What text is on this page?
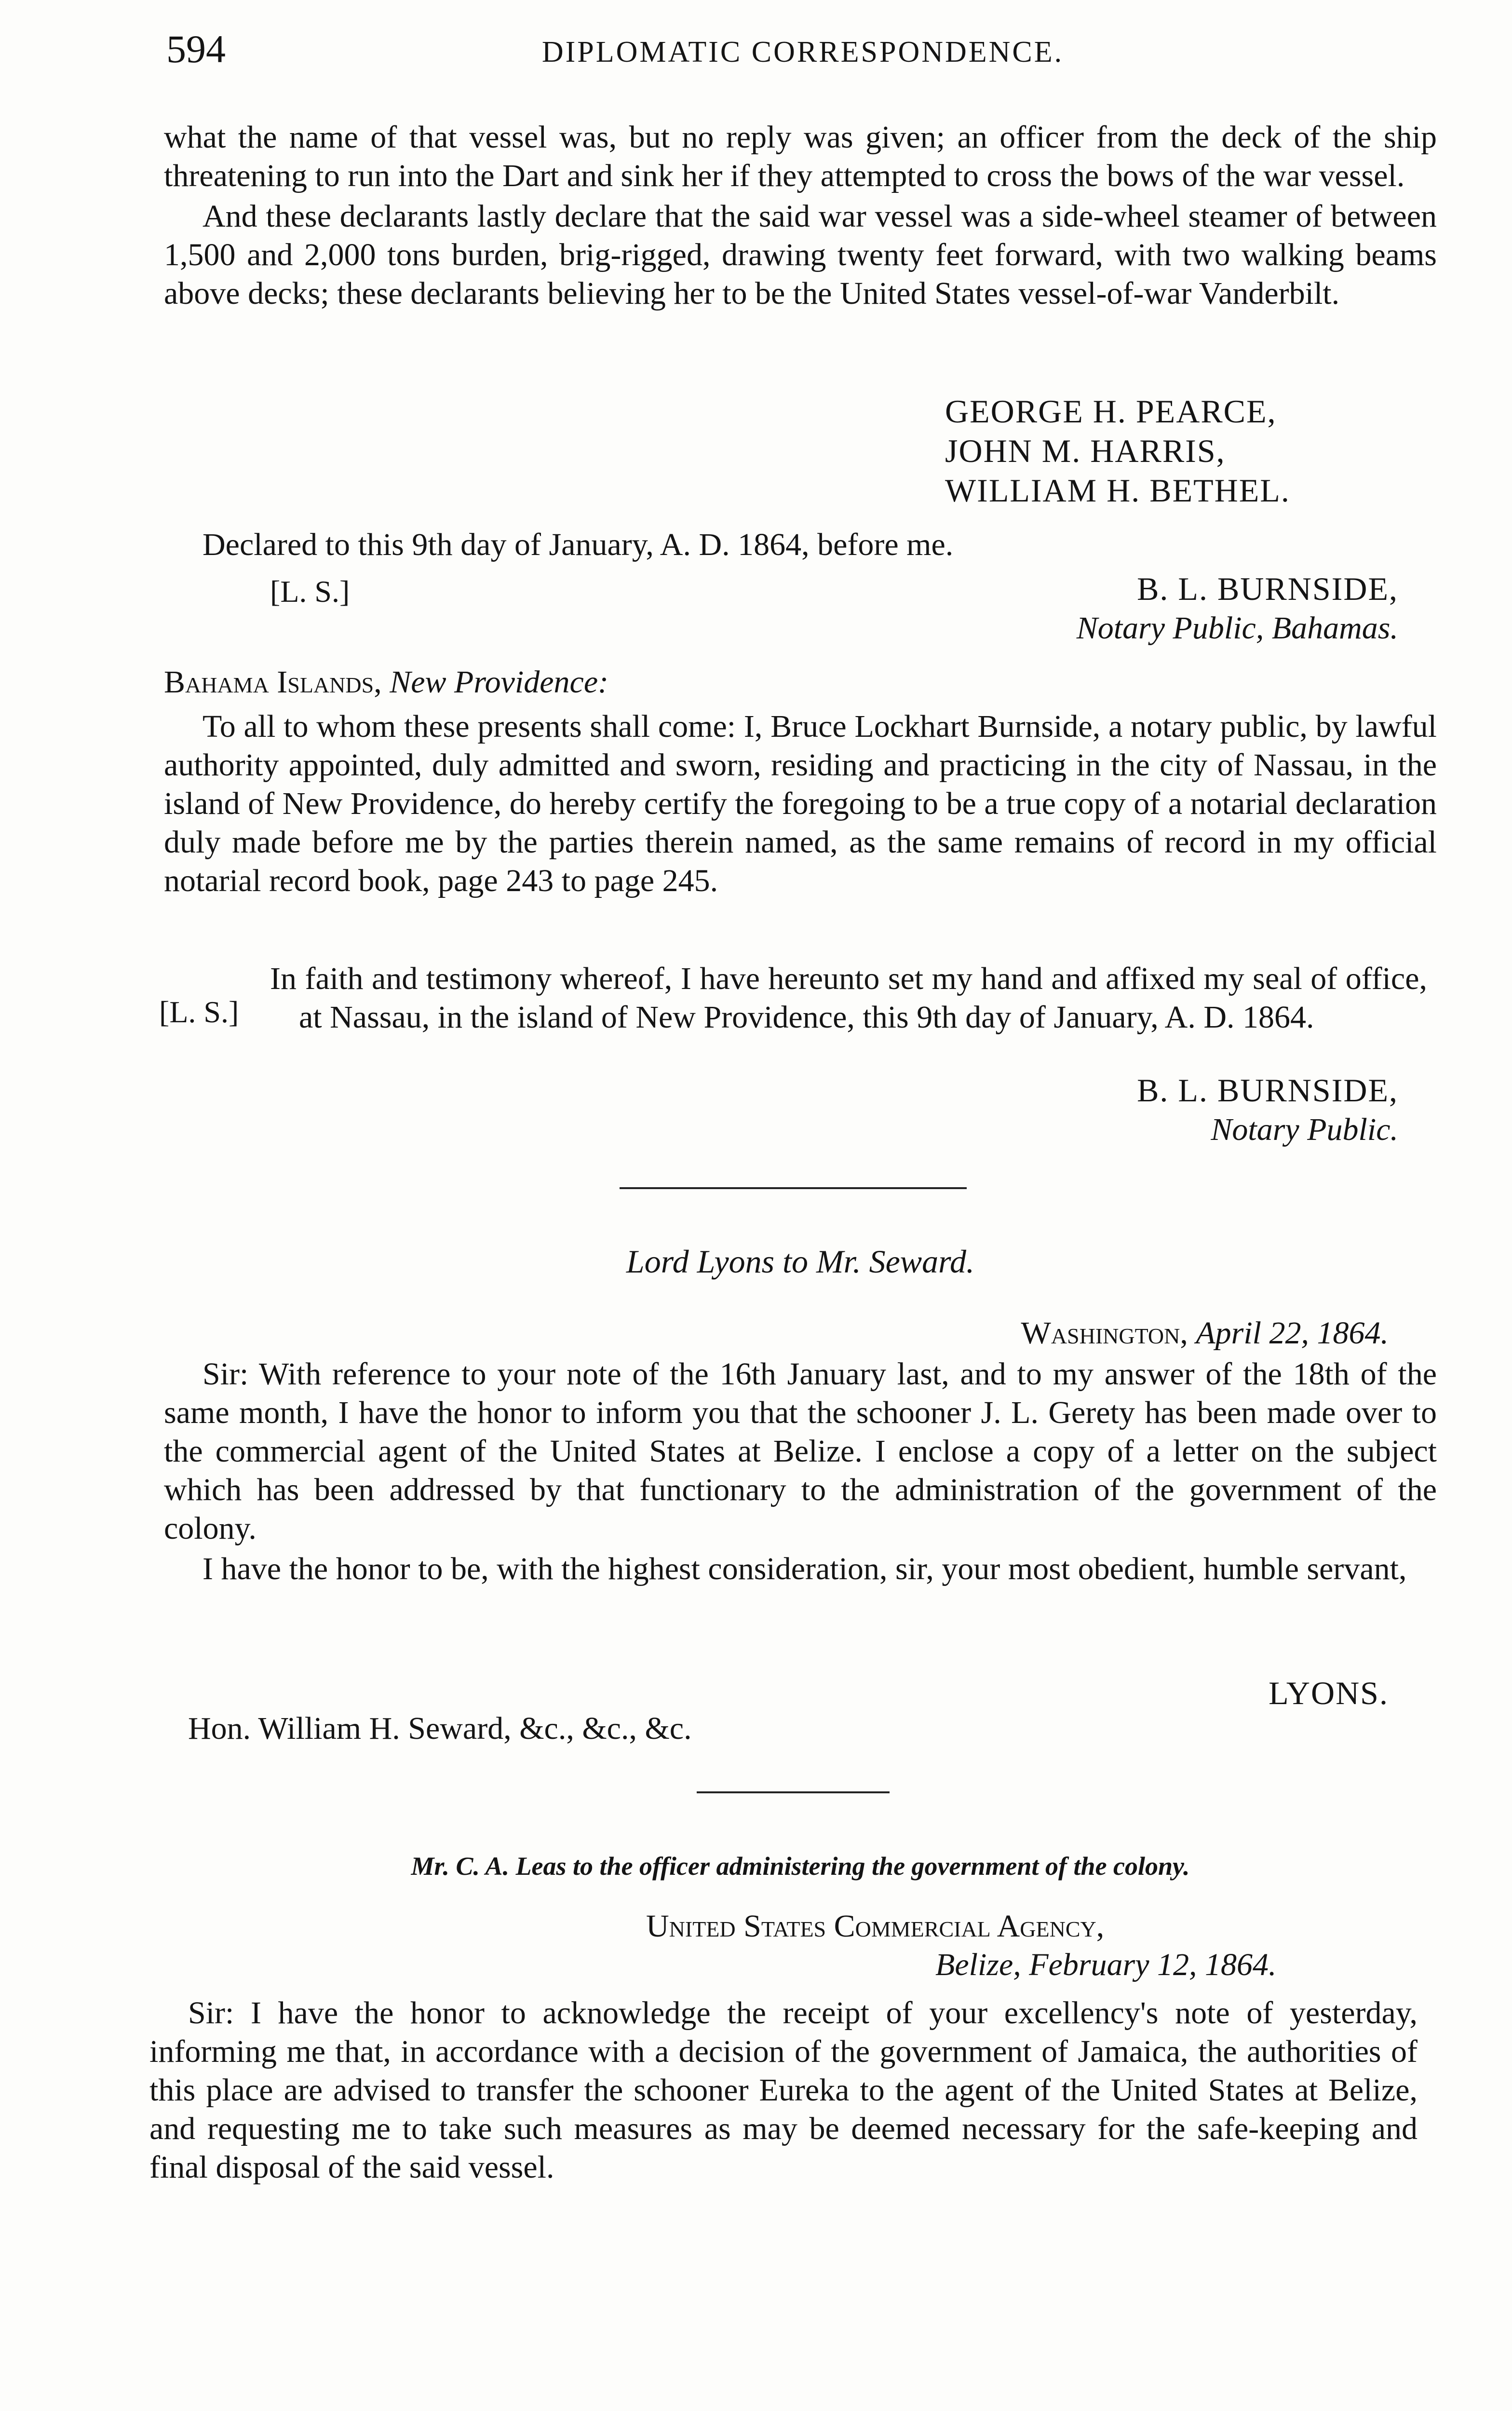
594	DIPLOMATIC CORRESPONDENCE.

what the name of that vessel was, but no reply was given; an officer from the deck of the ship threatening to run into the Dart and sink her if they attempted to cross the bows of the war vessel.

And these declarants lastly declare that the said war vessel was a side-wheel steamer of between 1,500 and 2,000 tons burden, brig-rigged, drawing twenty feet forward, with two walking beams above decks; these declarants believing her to be the United States vessel-of-war Vanderbilt.

GEORGE H. PEARCE,
JOHN M. HARRIS,
WILLIAM H. BETHEL.

Declared to this 9th day of January, A. D. 1864, before me.

[L. S.]	B. L. BURNSIDE,
Notary Public, Bahamas.

Bahama Islands, New Providence:

To all to whom these presents shall come: I, Bruce Lockhart Burnside, a notary public, by lawful authority appointed, duly admitted and sworn, residing and practicing in the city of Nassau, in the island of New Providence, do hereby certify the foregoing to be a true copy of a notarial declaration duly made before me by the parties therein named, as the same remains of record in my official notarial record book, page 243 to page 245.

In faith and testimony whereof, I have hereunto set my hand and affixed my seal of office, at Nassau, in the island of New Providence, this 9th day of January, A. D. 1864.

[L. S.]
B. L. BURNSIDE,
Notary Public.
Lord Lyons to Mr. Seward.
Washington, April 22, 1864.

Sir: With reference to your note of the 16th January last, and to my answer of the 18th of the same month, I have the honor to inform you that the schooner J. L. Gerety has been made over to the commercial agent of the United States at Belize. I enclose a copy of a letter on the subject which has been addressed by that functionary to the administration of the government of the colony.

I have the honor to be, with the highest consideration, sir, your most obedient, humble servant,

LYONS.
Hon. William H. Seward, &c., &c., &c.
Mr. C. A. Leas to the officer administering the government of the colony.
United States Commercial Agency,
Belize, February 12, 1864.

Sir: I have the honor to acknowledge the receipt of your excellency's note of yesterday, informing me that, in accordance with a decision of the government of Jamaica, the authorities of this place are advised to transfer the schooner Eureka to the agent of the United States at Belize, and requesting me to take such measures as may be deemed necessary for the safe-keeping and final disposal of the said vessel.
